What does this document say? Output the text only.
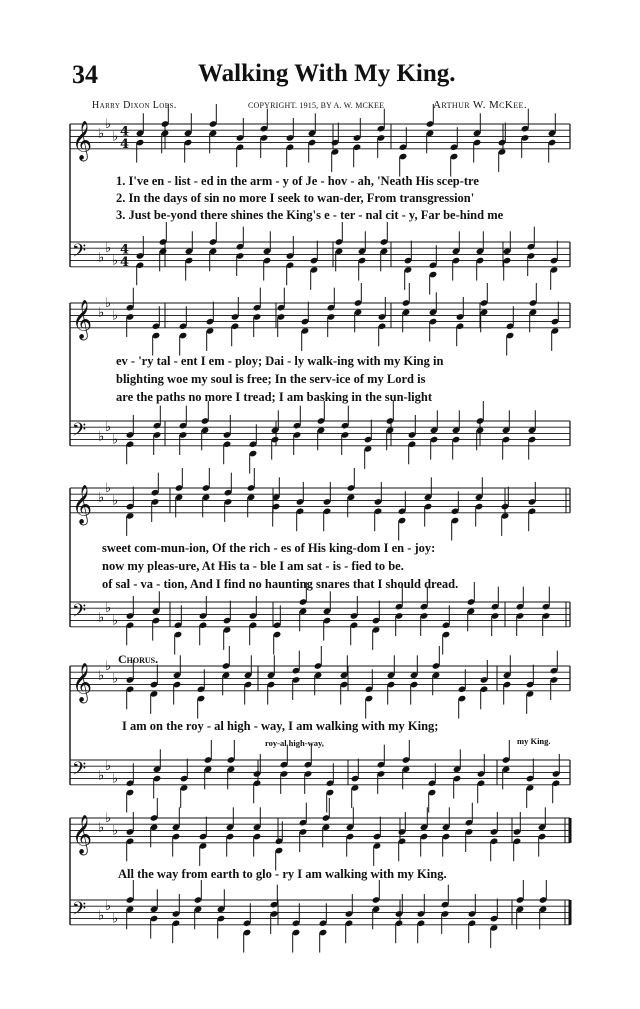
𝄞 ♭
♭
♭ 4
4
𝄢 ♭
♭
♭
4
4
𝄞 ♭
♭
♭
𝄢 ♭
♭
♭
𝄞 ♭
♭
♭
𝄢 ♭
♭
♭
𝄞 ♭
♭
♭
𝄢 ♭
♭
♭
𝄞 ♭
♭
♭
𝄢 ♭
♭
♭
34	Walking With My King.
Harry Dixon Loes.	COPYRIGHT. 1915, BY A. W. MCKEE	Arthur W. McKee.
1. I've en - list - ed in the arm - y of Je - hov - ah, 'Neath His scep-tre
2. In the days of sin no more I seek to wan-der, From transgression'
3. Just be-yond there shines the King's e - ter - nal cit - y, Far be-hind me
ev - 'ry tal - ent I em - ploy; Dai - ly walk-ing with my King in
blighting woe my soul is free; In the serv-ice of my Lord is
are the paths no more I tread; I am basking in the sun-light
sweet com-mun-ion, Of the rich - es of His king-dom I en - joy:
now my pleas-ure, At His ta - ble I am sat - is - fied to be.
of sal - va - tion, And I find no haunting snares that I should dread.
Chorus.
I am on the roy - al high - way, I am walking with my King;
roy-al high-way,	my King.
All the way from earth to glo - ry I am walking with my King.
